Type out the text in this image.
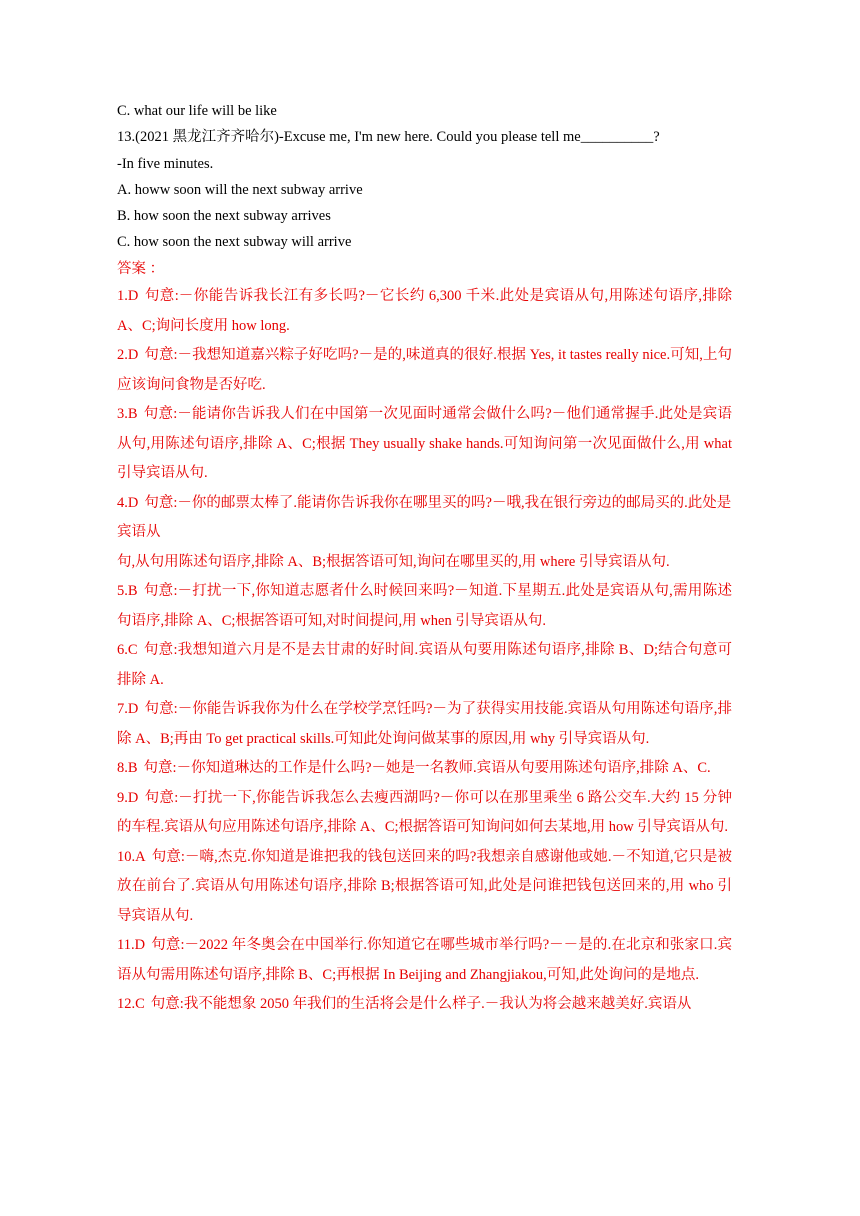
C. what our life will be like
13.(2021 黑龙江齐齐哈尔)-Excuse me, I'm new here. Could you please tell me__________?
-In five minutes.
A. howw soon will the next subway arrive
B. how soon the next subway arrives
C. how soon the next subway will arrive
答案 ：
1.D 句意:－你能告诉我长江有多长吗?－它长约 6,300 千米.此处是宾语从句,用陈述句语序,排除 A、C;询问长度用 how long.
2.D 句意:－我想知道嘉兴粽子好吃吗?－是的,味道真的很好.根据 Yes, it tastes really nice.可知,上句应该询问食物是否好吃.
3.B 句意:－能请你告诉我人们在中国第一次见面时通常会做什么吗?－他们通常握手.此处是宾语从句,用陈述句语序,排除 A、C;根据 They usually shake hands.可知询问第一次见面做什么,用 what 引导宾语从句.
4.D 句意:－你的邮票太棒了.能请你告诉我你在哪里买的吗?－哦,我在银行旁边的邮局买的.此处是宾语从
句,从句用陈述句语序,排除 A、B;根据答语可知,询问在哪里买的,用 where 引导宾语从句.
5.B 句意:－打扰一下,你知道志愿者什么时候回来吗?－知道.下星期五.此处是宾语从句,需用陈述句语序,排除 A、C;根据答语可知,对时间提问,用 when 引导宾语从句.
6.C 句意:我想知道六月是不是去甘肃的好时间.宾语从句要用陈述句语序,排除 B、D;结合句意可排除 A.
7.D 句意:－你能告诉我你为什么在学校学烹饪吗?－为了获得实用技能.宾语从句用陈述句语序,排除 A、B;再由 To get practical skills.可知此处询问做某事的原因,用 why 引导宾语从句.
8.B 句意:－你知道琳达的工作是什么吗?－她是一名教师.宾语从句要用陈述句语序,排除 A、C.
9.D 句意:－打扰一下,你能告诉我怎么去瘦西湖吗?－你可以在那里乘坐 6 路公交车.大约 15 分钟的车程.宾语从句应用陈述句语序,排除 A、C;根据答语可知询问如何去某地,用 how 引导宾语从句.
10.A 句意:－嗨,杰克.你知道是谁把我的钱包送回来的吗?我想亲自感谢他或她.－不知道,它只是被放在前台了.宾语从句用陈述句语序,排除 B;根据答语可知,此处是问谁把钱包送回来的,用 who 引导宾语从句.
11.D 句意:－2022 年冬奥会在中国举行.你知道它在哪些城市举行吗?－－是的.在北京和张家口.宾语从句需用陈述句语序,排除 B、C;再根据 In Beijing and Zhangjiakou,可知,此处询问的是地点.
12.C 句意:我不能想象 2050 年我们的生活将会是什么样子.－我认为将会越来越美好.宾语从
